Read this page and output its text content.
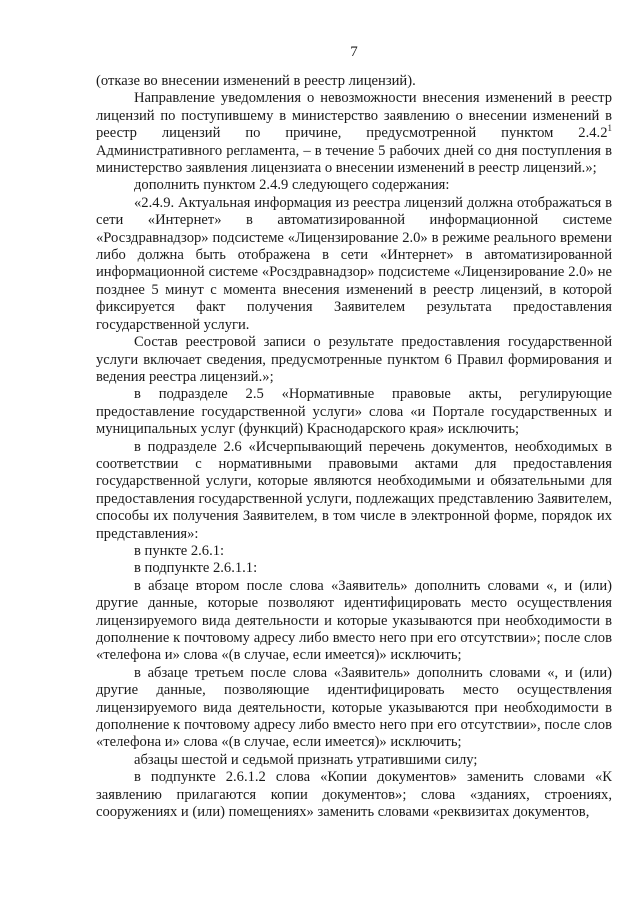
7

(отказе во внесении изменений в реестр лицензий).

Направление уведомления о невозможности внесения изменений в реестр лицензий по поступившему в министерство заявлению о внесении изменений в реестр лицензий по причине, предусмотренной пунктом 2.4.2$^1$ Административного регламента, – в течение 5 рабочих дней со дня поступления в министерство заявления лицензиата о внесении изменений в реестр лицензий.»;

дополнить пунктом 2.4.9 следующего содержания:

«2.4.9. Актуальная информация из реестра лицензий должна отображаться в сети «Интернет» в автоматизированной информационной системе «Росздравнадзор» подсистеме «Лицензирование 2.0» в режиме реального времени либо должна быть отображена в сети «Интернет» в автоматизированной информационной системе «Росздравнадзор» подсистеме «Лицензирование 2.0» не позднее 5 минут с момента внесения изменений в реестр лицензий, в которой фиксируется факт получения Заявителем результата предоставления государственной услуги.

Состав реестровой записи о результате предоставления государственной услуги включает сведения, предусмотренные пунктом 6 Правил формирования и ведения реестра лицензий.»;

в подразделе 2.5 «Нормативные правовые акты, регулирующие предоставление государственной услуги» слова «и Портале государственных и муниципальных услуг (функций) Краснодарского края» исключить;

в подразделе 2.6 «Исчерпывающий перечень документов, необходимых в соответствии с нормативными правовыми актами для предоставления государственной услуги, которые являются необходимыми и обязательными для предоставления государственной услуги, подлежащих представлению Заявителем, способы их получения Заявителем, в том числе в электронной форме, порядок их представления»:

в пункте 2.6.1:

в подпункте 2.6.1.1:

в абзаце втором после слова «Заявитель» дополнить словами «, и (или) другие данные, которые позволяют идентифицировать место осуществления лицензируемого вида деятельности и которые указываются при необходимости в дополнение к почтовому адресу либо вместо него при его отсутствии»; после слов «телефона и» слова «(в случае, если имеется)» исключить;

в абзаце третьем после слова «Заявитель» дополнить словами «, и (или) другие данные, позволяющие идентифицировать место осуществления лицензируемого вида деятельности, которые указываются при необходимости в дополнение к почтовому адресу либо вместо него при его отсутствии», после слов «телефона и» слова «(в случае, если имеется)» исключить;

абзацы шестой и седьмой признать утратившими силу;

в подпункте 2.6.1.2 слова «Копии документов» заменить словами «К заявлению прилагаются копии документов»; слова «зданиях, строениях, сооружениях и (или) помещениях» заменить словами «реквизитах документов,
